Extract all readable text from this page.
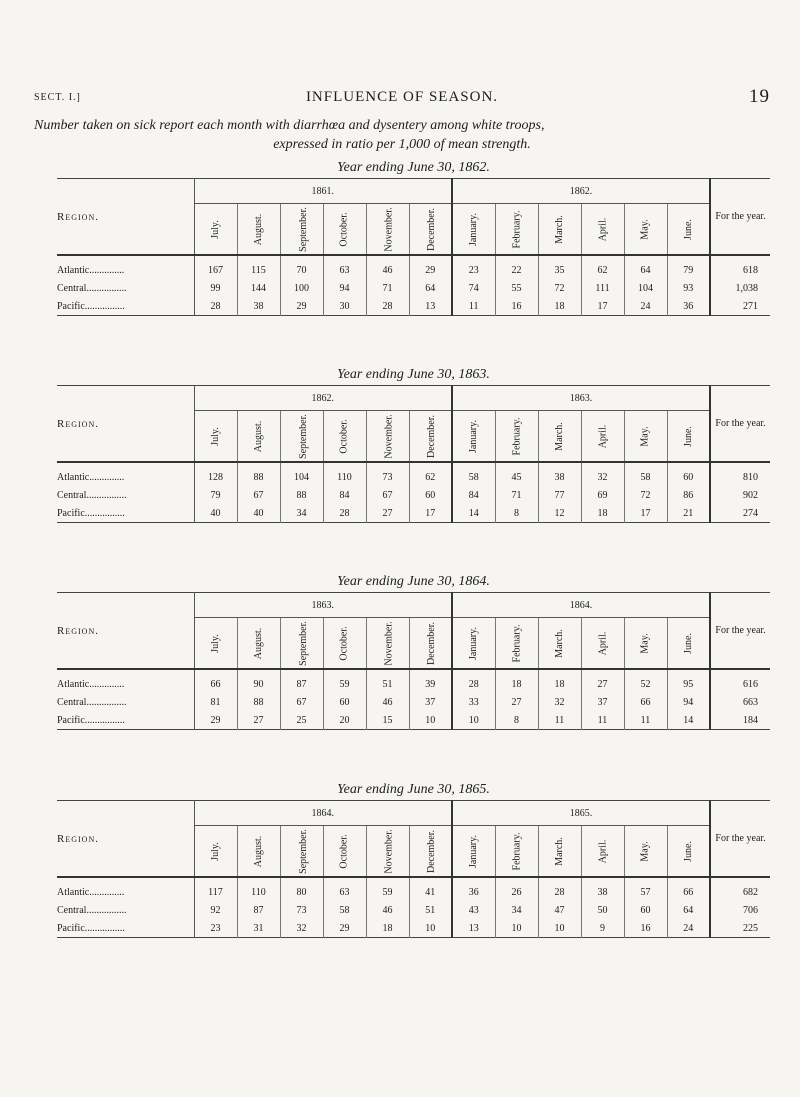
SECT. I.]	INFLUENCE OF SEASON.	19
Number taken on sick report each month with diarrhœa and dysentery among white troops,
expressed in ratio per 1,000 of mean strength.
Year ending June 30, 1862.
Region.	1861.						1862.						For the year.
	July.	August.	September.	October.	November.	December.	January.	February.	March.	April.	May.	June.	
Atlantic..............	167	115	70	63	46	29	23	22	35	62	64	79	618
Central................	99	144	100	94	71	64	74	55	72	111	104	93	1,038
Pacific................	28	38	29	30	28	13	11	16	18	17	24	36	271
Year ending June 30, 1863.
Region.	1862.						1863.						For the year.
	July.	August.	September.	October.	November.	December.	January.	February.	March.	April.	May.	June.	
Atlantic..............	128	88	104	110	73	62	58	45	38	32	58	60	810
Central................	79	67	88	84	67	60	84	71	77	69	72	86	902
Pacific................	40	40	34	28	27	17	14	8	12	18	17	21	274
Year ending June 30, 1864.
Region.	1863.						1864.						For the year.
	July.	August.	September.	October.	November.	December.	January.	February.	March.	April.	May.	June.	
Atlantic..............	66	90	87	59	51	39	28	18	18	27	52	95	616
Central................	81	88	67	60	46	37	33	27	32	37	66	94	663
Pacific................	29	27	25	20	15	10	10	8	11	11	11	14	184
Year ending June 30, 1865.
Region.	1864.						1865.						For the year.
	July.	August.	September.	October.	November.	December.	January.	February.	March.	April.	May.	June.	
Atlantic..............	117	110	80	63	59	41	36	26	28	38	57	66	682
Central................	92	87	73	58	46	51	43	34	47	50	60	64	706
Pacific................	23	31	32	29	18	10	13	10	10	9	16	24	225
